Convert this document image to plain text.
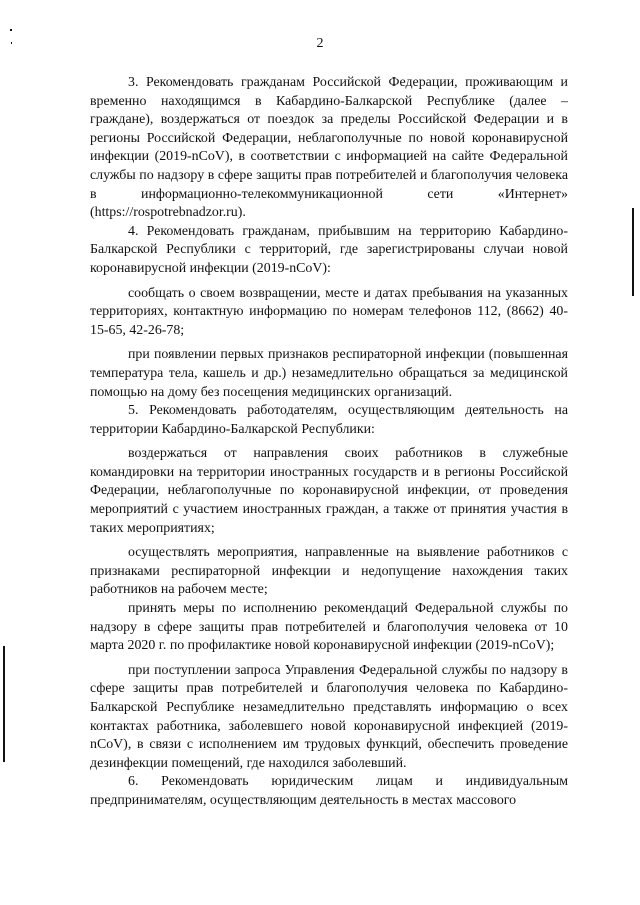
2

3. Рекомендовать гражданам Российской Федерации, проживающим и временно находящимся в Кабардино-Балкарской Республике (далее – граждане), воздержаться от поездок за пределы Российской Федерации и в регионы Российской Федерации, неблагополучные по новой коронавирусной инфекции (2019-nCoV), в соответствии с информацией на сайте Федеральной службы по надзору в сфере защиты прав потребителей и благополучия человека в информационно-телекоммуникационной сети «Интернет» (https://rospotrebnadzor.ru).

4. Рекомендовать гражданам, прибывшим на территорию Кабардино-Балкарской Республики с территорий, где зарегистрированы случаи новой коронавирусной инфекции (2019-nCoV):

сообщать о своем возвращении, месте и датах пребывания на указанных территориях, контактную информацию по номерам телефонов 112, (8662) 40-15-65, 42-26-78;

при появлении первых признаков респираторной инфекции (повышенная температура тела, кашель и др.) незамедлительно обращаться за медицинской помощью на дому без посещения медицинских организаций.

5. Рекомендовать работодателям, осуществляющим деятельность на территории Кабардино-Балкарской Республики:

воздержаться от направления своих работников в служебные командировки на территории иностранных государств и в регионы Российской Федерации, неблагополучные по коронавирусной инфекции, от проведения мероприятий с участием иностранных граждан, а также от принятия участия в таких мероприятиях;

осуществлять мероприятия, направленные на выявление работников с признаками респираторной инфекции и недопущение нахождения таких работников на рабочем месте;

принять меры по исполнению рекомендаций Федеральной службы по надзору в сфере защиты прав потребителей и благополучия человека от 10 марта 2020 г. по профилактике новой коронавирусной инфекции (2019-nCoV);

при поступлении запроса Управления Федеральной службы по надзору в сфере защиты прав потребителей и благополучия человека по Кабардино-Балкарской Республике незамедлительно представлять информацию о всех контактах работника, заболевшего новой коронавирусной инфекцией (2019-nCoV), в связи с исполнением им трудовых функций, обеспечить проведение дезинфекции помещений, где находился заболевший.

6. Рекомендовать юридическим лицам и индивидуальным предпринимателям, осуществляющим деятельность в местах массового
